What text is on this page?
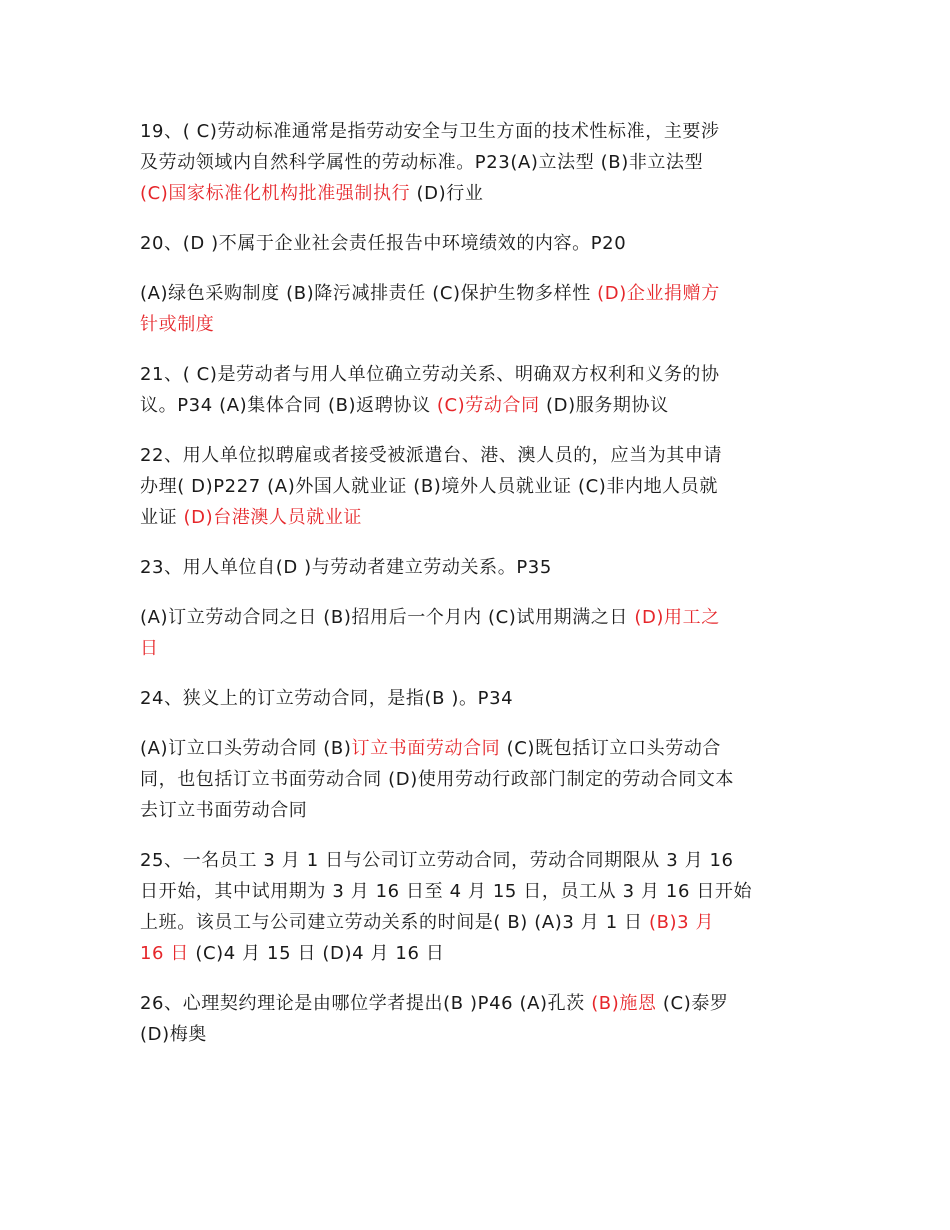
19、( C)劳动标准通常是指劳动安全与卫生方面的技术性标准，主要涉
及劳动领域内自然科学属性的劳动标准。P23(A)立法型 (B)非立法型
(C)国家标准化机构批准强制执行 (D)行业

20、(D )不属于企业社会责任报告中环境绩效的内容。P20

(A)绿色采购制度 (B)降污减排责任 (C)保护生物多样性 (D)企业捐赠方
针或制度

21、( C)是劳动者与用人单位确立劳动关系、明确双方权利和义务的协
议。P34 (A)集体合同 (B)返聘协议 (C)劳动合同 (D)服务期协议

22、用人单位拟聘雇或者接受被派遣台、港、澳人员的，应当为其申请
办理( D)P227 (A)外国人就业证 (B)境外人员就业证 (C)非内地人员就
业证 (D)台港澳人员就业证

23、用人单位自(D )与劳动者建立劳动关系。P35

(A)订立劳动合同之日 (B)招用后一个月内 (C)试用期满之日 (D)用工之
日

24、狭义上的订立劳动合同，是指(B )。P34

(A)订立口头劳动合同 (B)订立书面劳动合同 (C)既包括订立口头劳动合
同，也包括订立书面劳动合同 (D)使用劳动行政部门制定的劳动合同文本
去订立书面劳动合同

25、一名员工 3 月 1 日与公司订立劳动合同，劳动合同期限从 3 月 16
日开始，其中试用期为 3 月 16 日至 4 月 15 日，员工从 3 月 16 日开始
上班。该员工与公司建立劳动关系的时间是( B) (A)3 月 1 日 (B)3 月
16 日 (C)4 月 15 日 (D)4 月 16 日

26、心理契约理论是由哪位学者提出(B )P46 (A)孔茨 (B)施恩 (C)泰罗
(D)梅奥
